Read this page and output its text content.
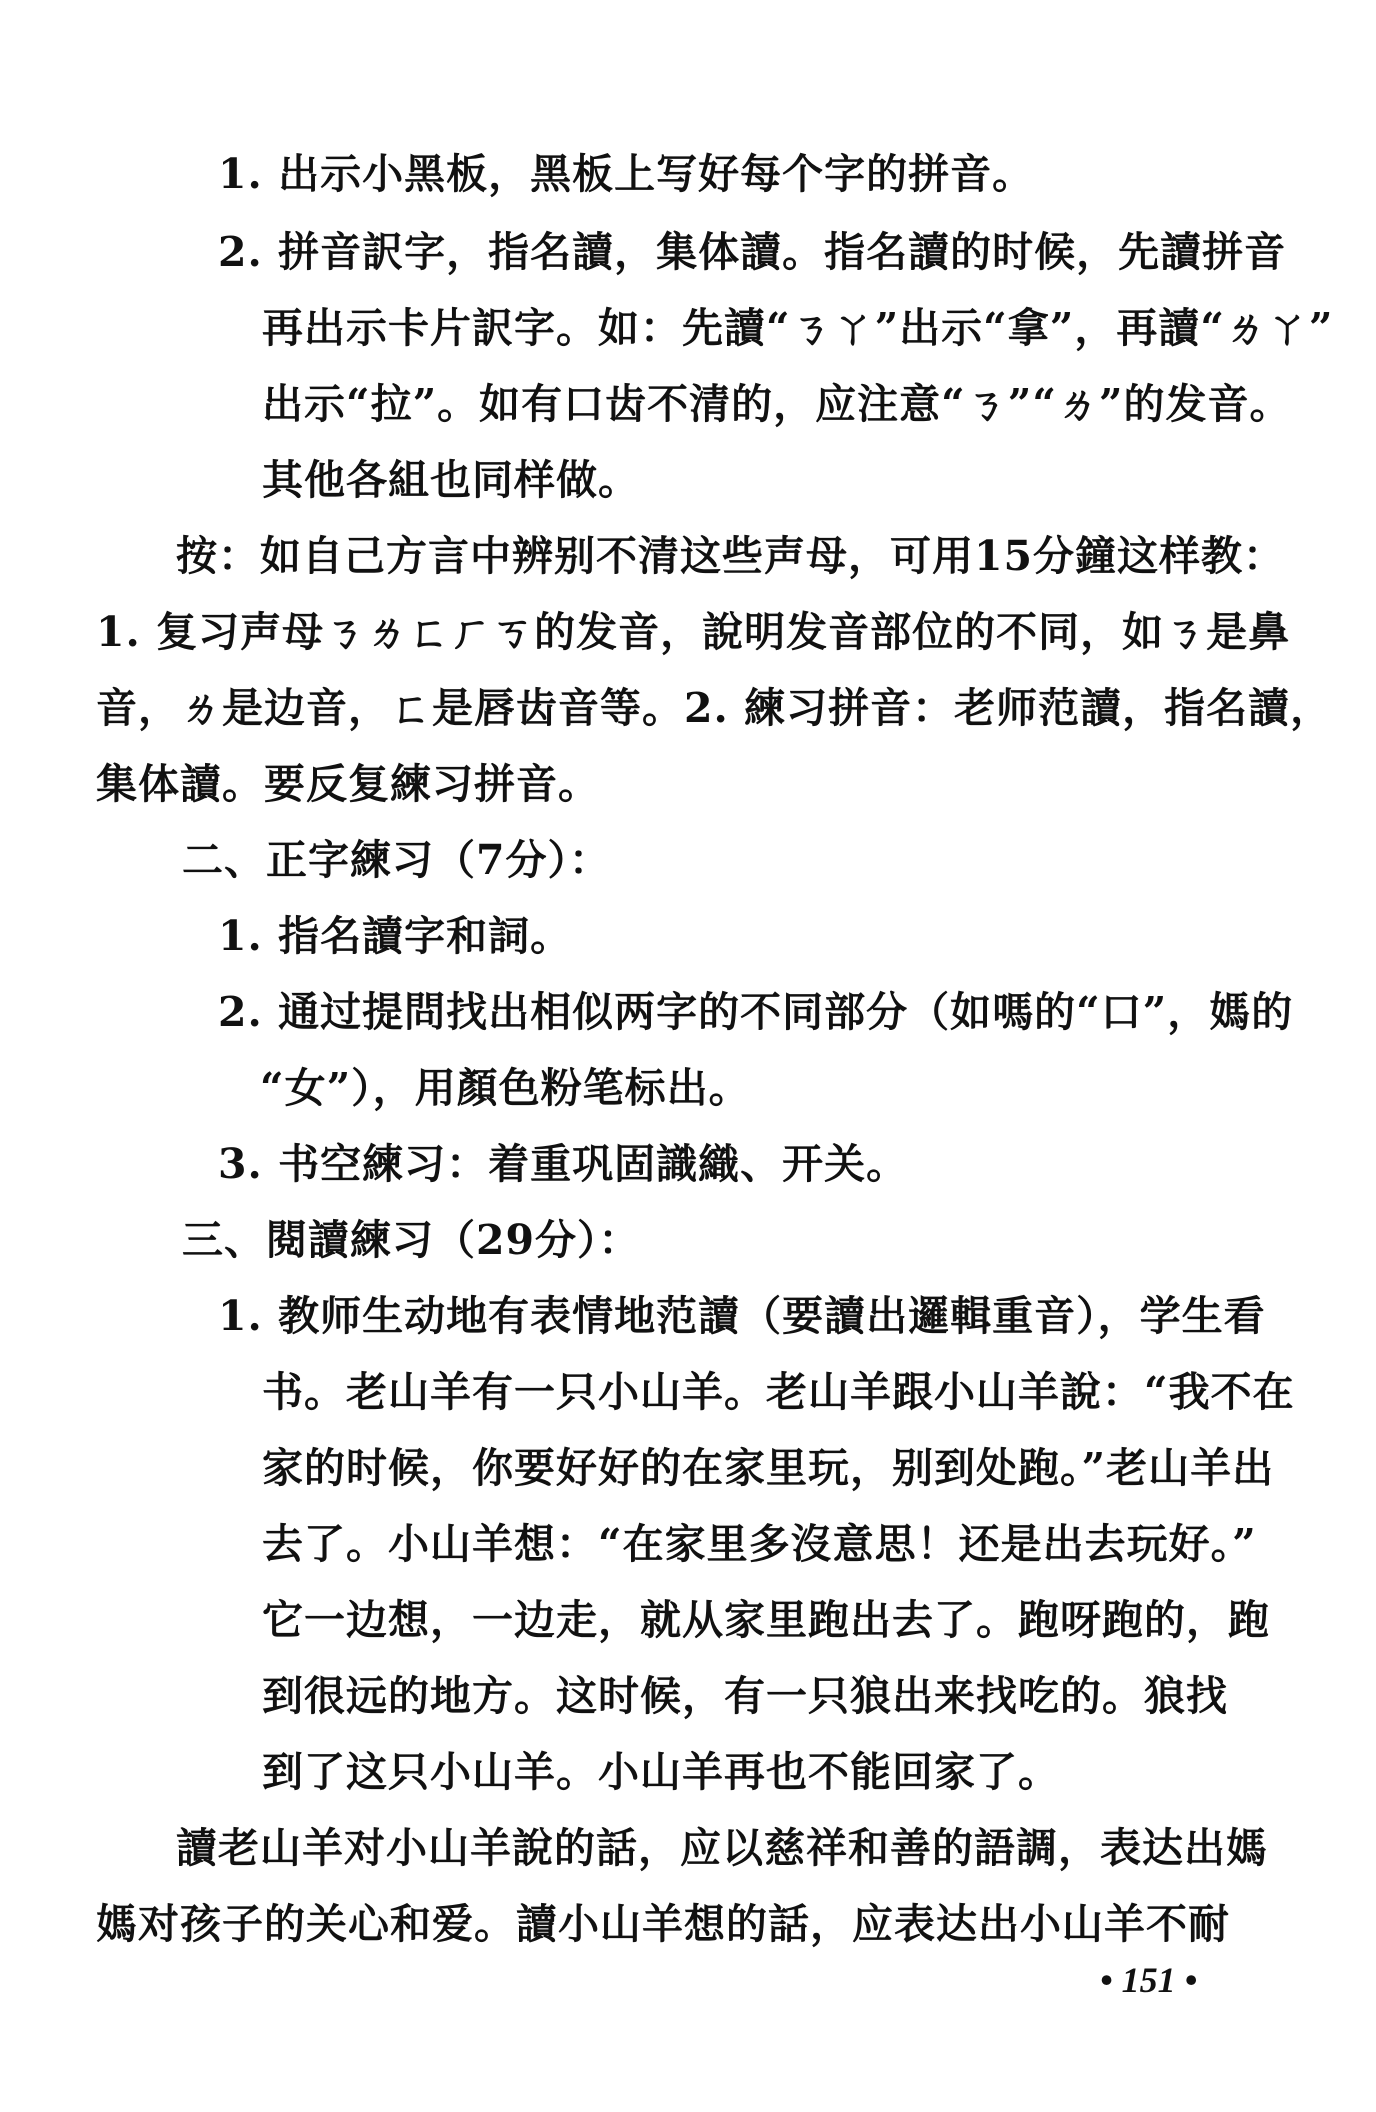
1. 出示小黑板，黑板上写好每个字的拼音。
2. 拼音訳字，指名讀，集体讀。指名讀的时候，先讀拼音
再出示卡片訳字。如：先讀“ㄋㄚ”出示“拿”，再讀“ㄌㄚ”
出示“拉”。如有口齿不清的，应注意“ㄋ”“ㄌ”的发音。
其他各組也同样做。
按：如自己方言中辨别不清这些声母，可用15分鐘这样教：
1. 复习声母ㄋㄌㄈㄏㄎ的发音，說明发音部位的不同，如ㄋ是鼻
音，ㄌ是边音，ㄈ是唇齿音等。2. 練习拼音：老师范讀，指名讀，
集体讀。要反复練习拼音。
二、正字練习（7分）：
1. 指名讀字和詞。
2. 通过提問找出相似两字的不同部分（如嗎的“口”，媽的
“女”），用顏色粉笔标出。
3. 书空練习：着重巩固識織、开关。
三、閱讀練习（29分）：
1. 教师生动地有表情地范讀（要讀出邏輯重音），学生看
书。老山羊有一只小山羊。老山羊跟小山羊說：“我不在
家的时候，你要好好的在家里玩，别到处跑。”老山羊出
去了。小山羊想：“在家里多沒意思！还是出去玩好。”
它一边想，一边走，就从家里跑出去了。跑呀跑的，跑
到很远的地方。这时候，有一只狼出来找吃的。狼找
到了这只小山羊。小山羊再也不能回家了。
讀老山羊对小山羊說的話，应以慈祥和善的語調，表达出媽
媽对孩子的关心和爱。讀小山羊想的話，应表达出小山羊不耐
• 151 •
